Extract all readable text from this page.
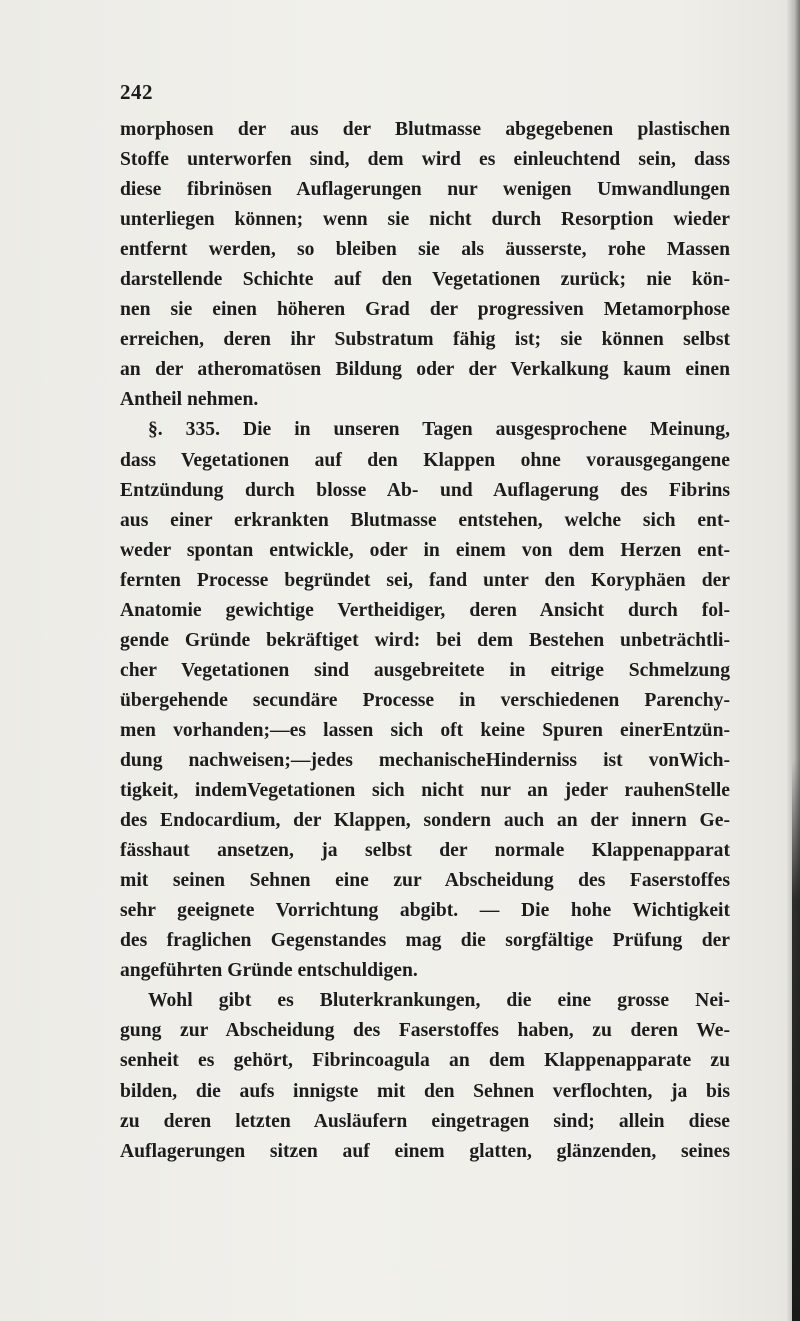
242
morphosen der aus der Blutmasse abgegebenen plastischen
Stoffe unterworfen sind, dem wird es einleuchtend sein, dass
diese fibrinösen Auflagerungen nur wenigen Umwandlungen
unterliegen können; wenn sie nicht durch Resorption wieder
entfernt werden, so bleiben sie als äusserste, rohe Massen
darstellende Schichte auf den Vegetationen zurück; nie kön-
nen sie einen höheren Grad der progressiven Metamorphose
erreichen, deren ihr Substratum fähig ist; sie können selbst
an der atheromatösen Bildung oder der Verkalkung kaum einen
Antheil nehmen.
§. 335. Die in unseren Tagen ausgesprochene Meinung,
dass Vegetationen auf den Klappen ohne vorausgegangene
Entzündung durch blosse Ab- und Auflagerung des Fibrins
aus einer erkrankten Blutmasse entstehen, welche sich ent-
weder spontan entwickle, oder in einem von dem Herzen ent-
fernten Processe begründet sei, fand unter den Koryphäen der
Anatomie gewichtige Vertheidiger, deren Ansicht durch fol-
gende Gründe bekräftiget wird: bei dem Bestehen unbeträchtli-
cher Vegetationen sind ausgebreitete in eitrige Schmelzung
übergehende secundäre Processe in verschiedenen Parenchy-
men vorhanden;—es lassen sich oft keine Spuren einerEntzün-
dung nachweisen;—jedes mechanischeHinderniss ist vonWich-
tigkeit, indemVegetationen sich nicht nur an jeder rauhenStelle
des Endocardium, der Klappen, sondern auch an der innern Ge-
fässhaut ansetzen, ja selbst der normale Klappenapparat
mit seinen Sehnen eine zur Abscheidung des Faserstoffes
sehr geeignete Vorrichtung abgibt. — Die hohe Wichtigkeit
des fraglichen Gegenstandes mag die sorgfältige Prüfung der
angeführten Gründe entschuldigen.
Wohl gibt es Bluterkrankungen, die eine grosse Nei-
gung zur Abscheidung des Faserstoffes haben, zu deren We-
senheit es gehört, Fibrincoagula an dem Klappenapparate zu
bilden, die aufs innigste mit den Sehnen verflochten, ja bis
zu deren letzten Ausläufern eingetragen sind; allein diese
Auflagerungen sitzen auf einem glatten, glänzenden, seines
